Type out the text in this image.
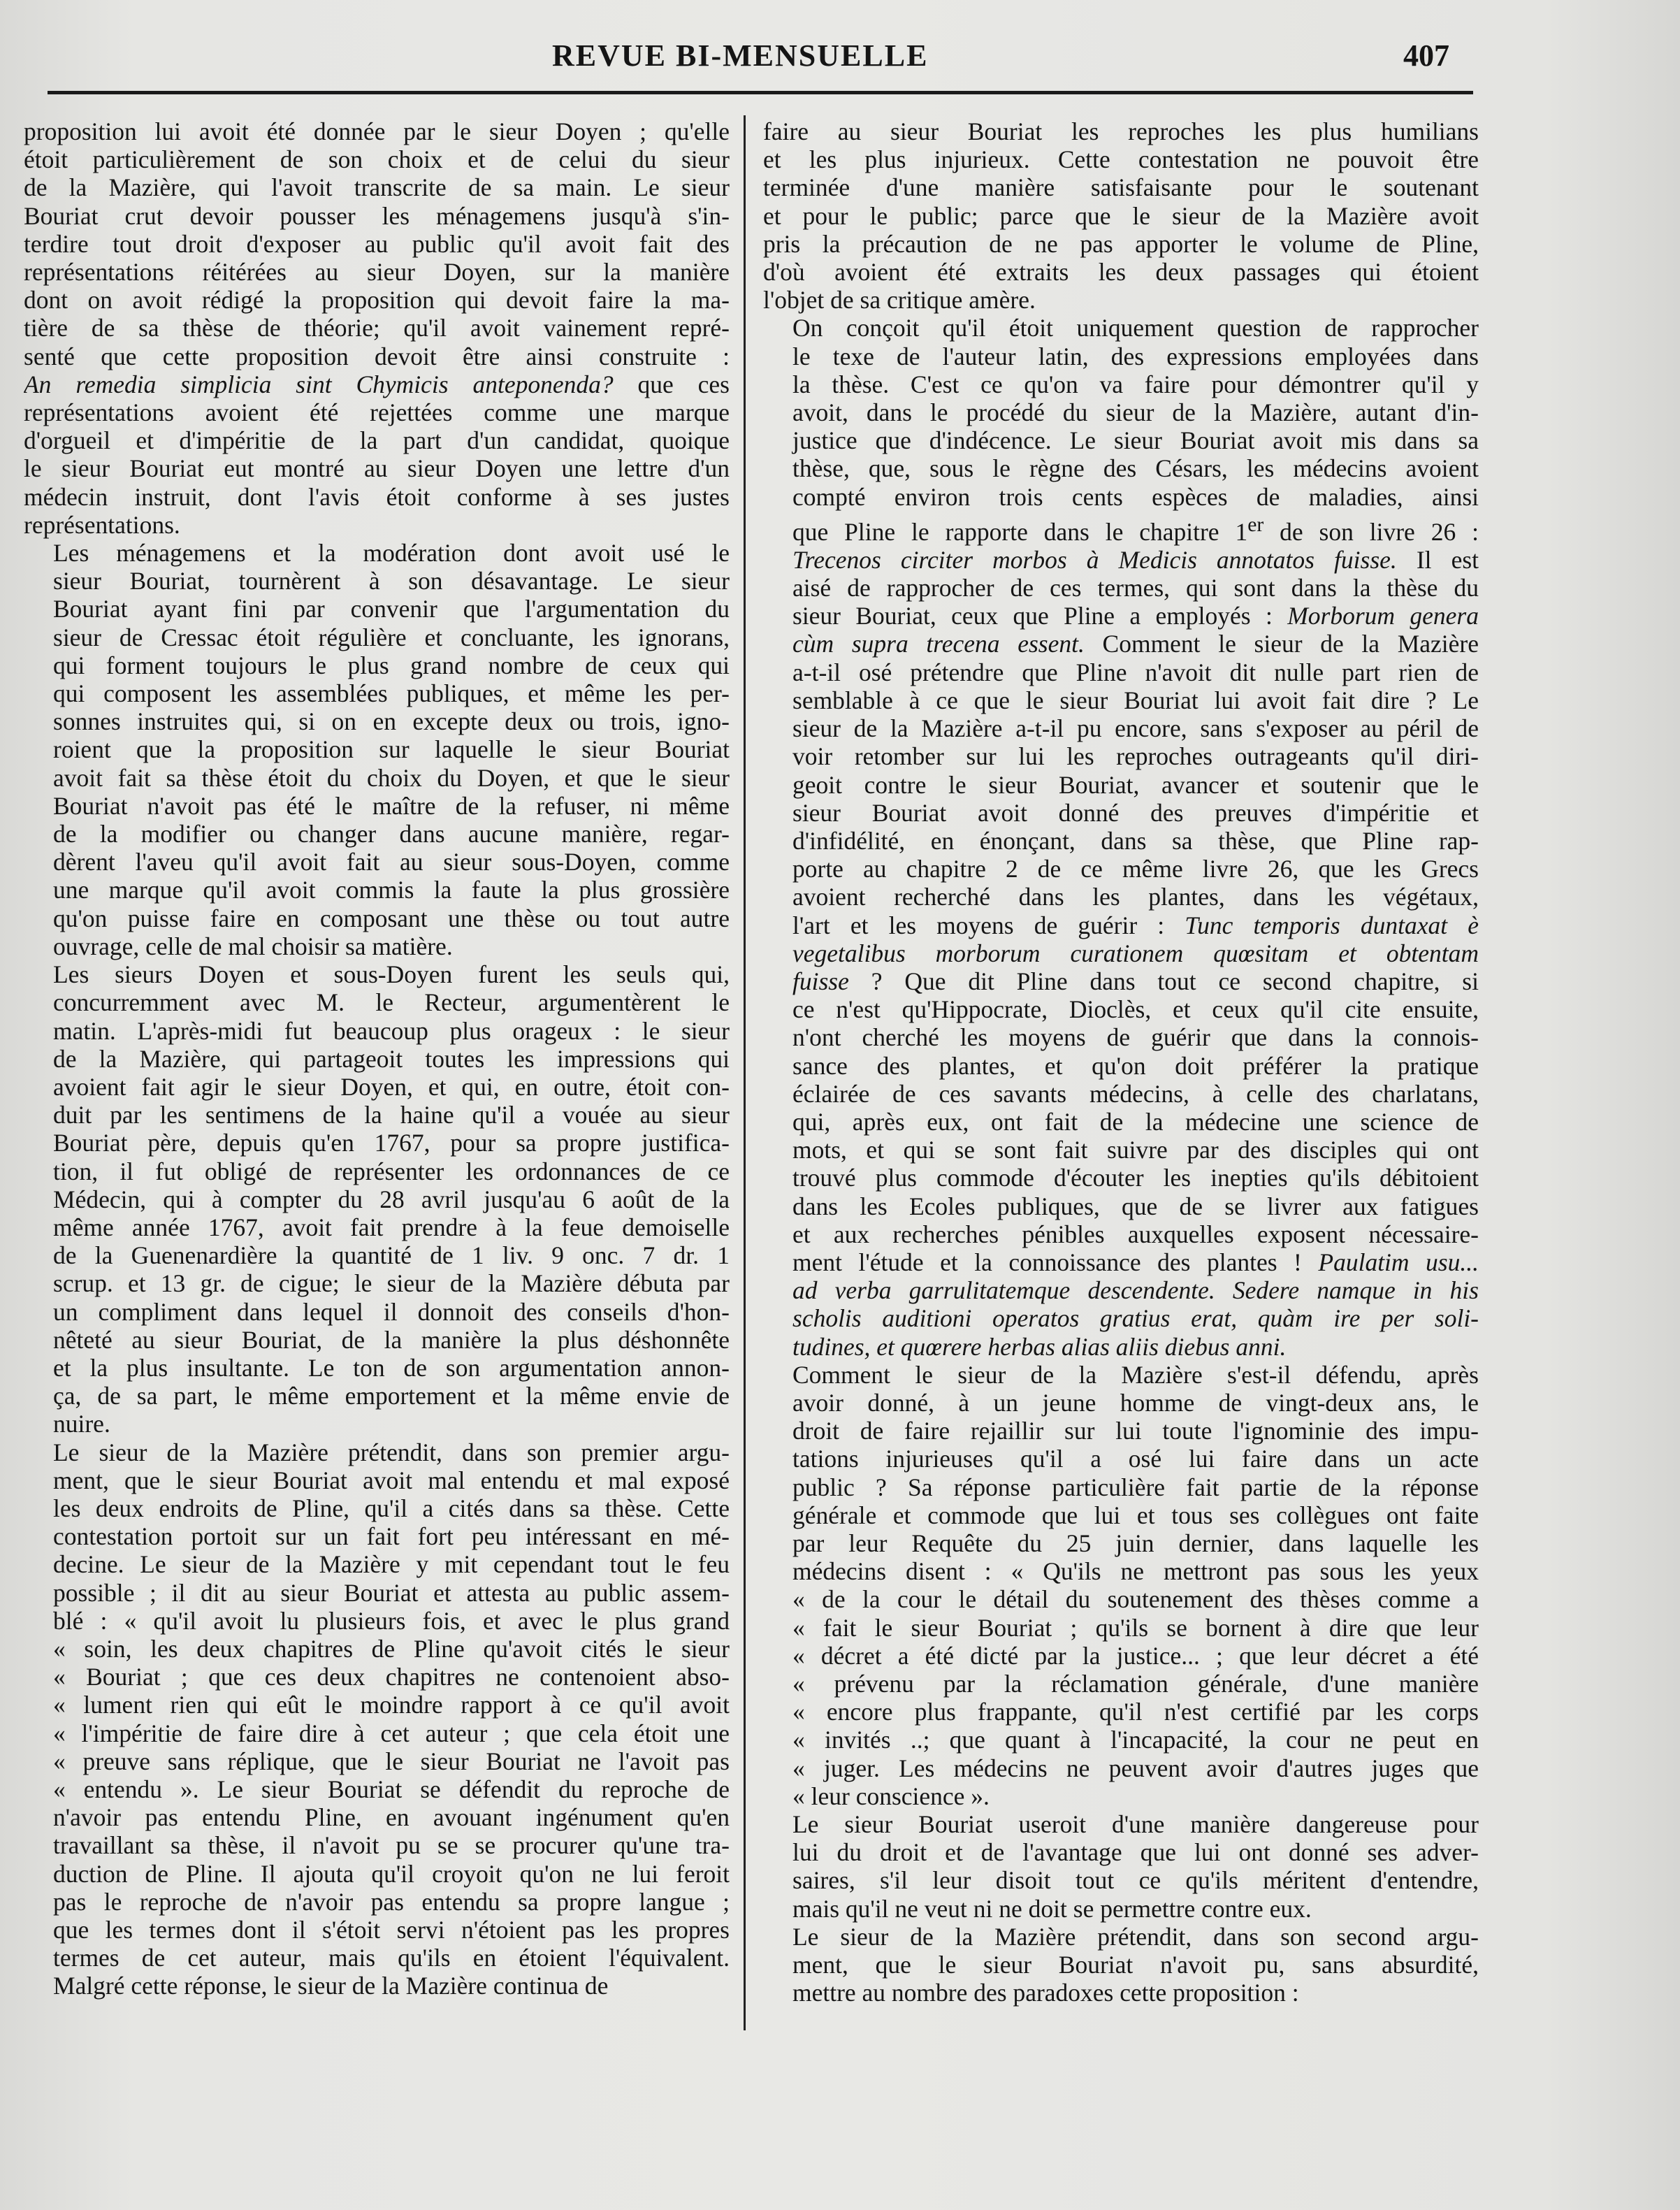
REVUE BI-MENSUELLE	407
proposition lui avoit été donnée par le sieur Doyen ; qu'elle
étoit particulièrement de son choix et de celui du sieur
de la Mazière, qui l'avoit transcrite de sa main. Le sieur
Bouriat crut devoir pousser les ménagemens jusqu'à s'in-
terdire tout droit d'exposer au public qu'il avoit fait des
représentations réitérées au sieur Doyen, sur la manière
dont on avoit rédigé la proposition qui devoit faire la ma-
tière de sa thèse de théorie; qu'il avoit vainement repré-
senté que cette proposition devoit être ainsi construite :
An remedia simplicia sint Chymicis anteponenda? que ces
représentations avoient été rejettées comme une marque
d'orgueil et d'impéritie de la part d'un candidat, quoique
le sieur Bouriat eut montré au sieur Doyen une lettre d'un
médecin instruit, dont l'avis étoit conforme à ses justes
représentations.
Les ménagemens et la modération dont avoit usé le
sieur Bouriat, tournèrent à son désavantage. Le sieur
Bouriat ayant fini par convenir que l'argumentation du
sieur de Cressac étoit régulière et concluante, les ignorans,
qui forment toujours le plus grand nombre de ceux qui
qui composent les assemblées publiques, et même les per-
sonnes instruites qui, si on en excepte deux ou trois, igno-
roient que la proposition sur laquelle le sieur Bouriat
avoit fait sa thèse étoit du choix du Doyen, et que le sieur
Bouriat n'avoit pas été le maître de la refuser, ni même
de la modifier ou changer dans aucune manière, regar-
dèrent l'aveu qu'il avoit fait au sieur sous-Doyen, comme
une marque qu'il avoit commis la faute la plus grossière
qu'on puisse faire en composant une thèse ou tout autre
ouvrage, celle de mal choisir sa matière.
Les sieurs Doyen et sous-Doyen furent les seuls qui,
concurremment avec M. le Recteur, argumentèrent le
matin. L'après-midi fut beaucoup plus orageux : le sieur
de la Mazière, qui partageoit toutes les impressions qui
avoient fait agir le sieur Doyen, et qui, en outre, étoit con-
duit par les sentimens de la haine qu'il a vouée au sieur
Bouriat père, depuis qu'en 1767, pour sa propre justifica-
tion, il fut obligé de représenter les ordonnances de ce
Médecin, qui à compter du 28 avril jusqu'au 6 août de la
même année 1767, avoit fait prendre à la feue demoiselle
de la Guenenardière la quantité de 1 liv. 9 onc. 7 dr. 1
scrup. et 13 gr. de cigue; le sieur de la Mazière débuta par
un compliment dans lequel il donnoit des conseils d'hon-
nêteté au sieur Bouriat, de la manière la plus déshonnête
et la plus insultante. Le ton de son argumentation annon-
ça, de sa part, le même emportement et la même envie de
nuire.
Le sieur de la Mazière prétendit, dans son premier argu-
ment, que le sieur Bouriat avoit mal entendu et mal exposé
les deux endroits de Pline, qu'il a cités dans sa thèse. Cette
contestation portoit sur un fait fort peu intéressant en mé-
decine. Le sieur de la Mazière y mit cependant tout le feu
possible ; il dit au sieur Bouriat et attesta au public assem-
blé : « qu'il avoit lu plusieurs fois, et avec le plus grand
« soin, les deux chapitres de Pline qu'avoit cités le sieur
« Bouriat ; que ces deux chapitres ne contenoient abso-
« lument rien qui eût le moindre rapport à ce qu'il avoit
« l'impéritie de faire dire à cet auteur ; que cela étoit une
« preuve sans réplique, que le sieur Bouriat ne l'avoit pas
« entendu ». Le sieur Bouriat se défendit du reproche de
n'avoir pas entendu Pline, en avouant ingénument qu'en
travaillant sa thèse, il n'avoit pu se se procurer qu'une tra-
duction de Pline. Il ajouta qu'il croyoit qu'on ne lui feroit
pas le reproche de n'avoir pas entendu sa propre langue ;
que les termes dont il s'étoit servi n'étoient pas les propres
termes de cet auteur, mais qu'ils en étoient l'équivalent.
Malgré cette réponse, le sieur de la Mazière continua de
faire au sieur Bouriat les reproches les plus humilians
et les plus injurieux. Cette contestation ne pouvoit être
terminée d'une manière satisfaisante pour le soutenant
et pour le public; parce que le sieur de la Mazière avoit
pris la précaution de ne pas apporter le volume de Pline,
d'où avoient été extraits les deux passages qui étoient
l'objet de sa critique amère.
On conçoit qu'il étoit uniquement question de rapprocher
le texe de l'auteur latin, des expressions employées dans
la thèse. C'est ce qu'on va faire pour démontrer qu'il y
avoit, dans le procédé du sieur de la Mazière, autant d'in-
justice que d'indécence. Le sieur Bouriat avoit mis dans sa
thèse, que, sous le règne des Césars, les médecins avoient
compté environ trois cents espèces de maladies, ainsi
que Pline le rapporte dans le chapitre 1er de son livre 26 :
Trecenos circiter morbos à Medicis annotatos fuisse. Il est
aisé de rapprocher de ces termes, qui sont dans la thèse du
sieur Bouriat, ceux que Pline a employés : Morborum genera
cùm supra trecena essent. Comment le sieur de la Mazière
a-t-il osé prétendre que Pline n'avoit dit nulle part rien de
semblable à ce que le sieur Bouriat lui avoit fait dire ? Le
sieur de la Mazière a-t-il pu encore, sans s'exposer au péril de
voir retomber sur lui les reproches outrageants qu'il diri-
geoit contre le sieur Bouriat, avancer et soutenir que le
sieur Bouriat avoit donné des preuves d'impéritie et
d'infidélité, en énonçant, dans sa thèse, que Pline rap-
porte au chapitre 2 de ce même livre 26, que les Grecs
avoient recherché dans les plantes, dans les végétaux,
l'art et les moyens de guérir : Tunc temporis duntaxat è
vegetalibus morborum curationem quœsitam et obtentam
fuisse ? Que dit Pline dans tout ce second chapitre, si
ce n'est qu'Hippocrate, Dioclès, et ceux qu'il cite ensuite,
n'ont cherché les moyens de guérir que dans la connois-
sance des plantes, et qu'on doit préférer la pratique
éclairée de ces savants médecins, à celle des charlatans,
qui, après eux, ont fait de la médecine une science de
mots, et qui se sont fait suivre par des disciples qui ont
trouvé plus commode d'écouter les inepties qu'ils débitoient
dans les Ecoles publiques, que de se livrer aux fatigues
et aux recherches pénibles auxquelles exposent nécessaire-
ment l'étude et la connoissance des plantes ! Paulatim usu...
ad verba garrulitatemque descendente. Sedere namque in his
scholis auditioni operatos gratius erat, quàm ire per soli-
tudines, et quœrere herbas alias aliis diebus anni.
Comment le sieur de la Mazière s'est-il défendu, après
avoir donné, à un jeune homme de vingt-deux ans, le
droit de faire rejaillir sur lui toute l'ignominie des impu-
tations injurieuses qu'il a osé lui faire dans un acte
public ? Sa réponse particulière fait partie de la réponse
générale et commode que lui et tous ses collègues ont faite
par leur Requête du 25 juin dernier, dans laquelle les
médecins disent : « Qu'ils ne mettront pas sous les yeux
« de la cour le détail du soutenement des thèses comme a
« fait le sieur Bouriat ; qu'ils se bornent à dire que leur
« décret a été dicté par la justice... ; que leur décret a été
« prévenu par la réclamation générale, d'une manière
« encore plus frappante, qu'il n'est certifié par les corps
« invités ..; que quant à l'incapacité, la cour ne peut en
« juger. Les médecins ne peuvent avoir d'autres juges que
« leur conscience ».
Le sieur Bouriat useroit d'une manière dangereuse pour
lui du droit et de l'avantage que lui ont donné ses adver-
saires, s'il leur disoit tout ce qu'ils méritent d'entendre,
mais qu'il ne veut ni ne doit se permettre contre eux.
Le sieur de la Mazière prétendit, dans son second argu-
ment, que le sieur Bouriat n'avoit pu, sans absurdité,
mettre au nombre des paradoxes cette proposition :
